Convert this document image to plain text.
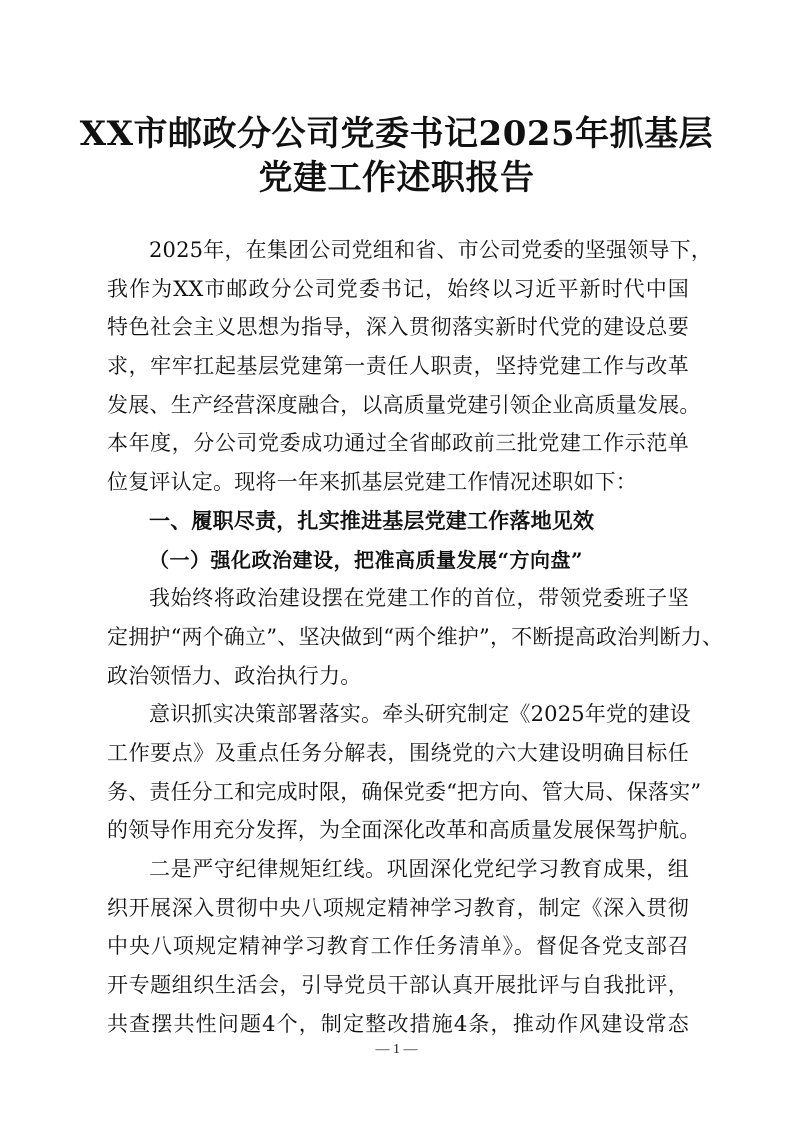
XX市邮政分公司党委书记2025年抓基层
党建工作述职报告
2025年，在集团公司党组和省、市公司党委的坚强领导下，
我作为XX市邮政分公司党委书记，始终以习近平新时代中国
特色社会主义思想为指导，深入贯彻落实新时代党的建设总要
求，牢牢扛起基层党建第一责任人职责，坚持党建工作与改革
发展、生产经营深度融合，以高质量党建引领企业高质量发展。
本年度，分公司党委成功通过全省邮政前三批党建工作示范单
位复评认定。现将一年来抓基层党建工作情况述职如下：
一、履职尽责，扎实推进基层党建工作落地见效
（一）强化政治建设，把准高质量发展“方向盘”
我始终将政治建设摆在党建工作的首位，带领党委班子坚
定拥护“两个确立”、坚决做到“两个维护”，不断提高政治判断力、
政治领悟力、政治执行力。
意识抓实决策部署落实。牵头研究制定《2025年党的建设
工作要点》及重点任务分解表，围绕党的六大建设明确目标任
务、责任分工和完成时限，确保党委“把方向、管大局、保落实”
的领导作用充分发挥，为全面深化改革和高质量发展保驾护航。
二是严守纪律规矩红线。巩固深化党纪学习教育成果，组
织开展深入贯彻中央八项规定精神学习教育，制定《深入贯彻
中央八项规定精神学习教育工作任务清单》。督促各党支部召
开专题组织生活会，引导党员干部认真开展批评与自我批评，
共查摆共性问题4个，制定整改措施4条，推动作风建设常态
— 1 —
